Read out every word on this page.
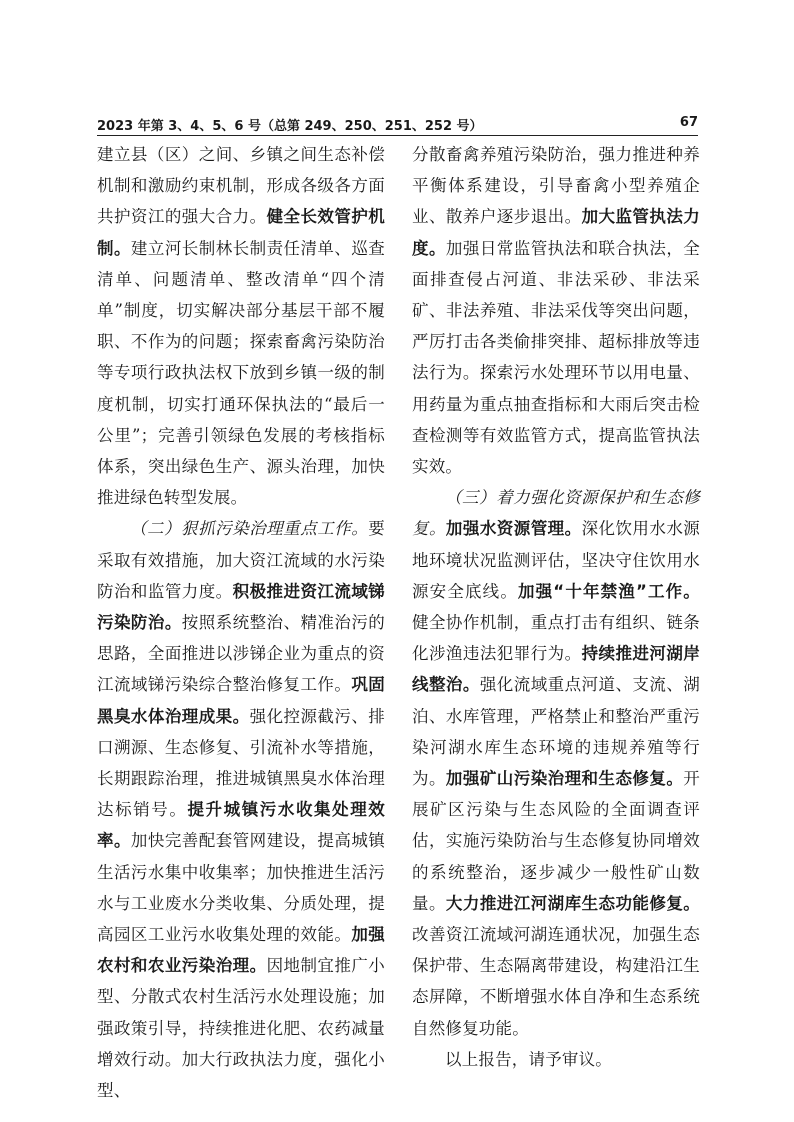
2023 年第 3、4、5、6 号（总第 249、250、251、252 号）	67

建立县（区）之间、乡镇之间生态补偿机制和激励约束机制，形成各级各方面共护资江的强大合力。健全长效管护机制。建立河长制林长制责任清单、巡查清单、问题清单、整改清单“四个清单”制度，切实解决部分基层干部不履职、不作为的问题；探索畜禽污染防治等专项行政执法权下放到乡镇一级的制度机制，切实打通环保执法的“最后一公里”；完善引领绿色发展的考核指标体系，突出绿色生产、源头治理，加快推进绿色转型发展。

（二）狠抓污染治理重点工作。要采取有效措施，加大资江流域的水污染防治和监管力度。积极推进资江流域锑污染防治。按照系统整治、精准治污的思路，全面推进以涉锑企业为重点的资江流域锑污染综合整治修复工作。巩固黑臭水体治理成果。强化控源截污、排口溯源、生态修复、引流补水等措施，长期跟踪治理，推进城镇黑臭水体治理达标销号。提升城镇污水收集处理效率。加快完善配套管网建设，提高城镇生活污水集中收集率；加快推进生活污水与工业废水分类收集、分质处理，提高园区工业污水收集处理的效能。加强农村和农业污染治理。因地制宜推广小型、分散式农村生活污水处理设施；加强政策引导，持续推进化肥、农药减量增效行动。加大行政执法力度，强化小型、

分散畜禽养殖污染防治，强力推进种养平衡体系建设，引导畜禽小型养殖企业、散养户逐步退出。加大监管执法力度。加强日常监管执法和联合执法，全面排查侵占河道、非法采砂、非法采矿、非法养殖、非法采伐等突出问题，严厉打击各类偷排突排、超标排放等违法行为。探索污水处理环节以用电量、用药量为重点抽查指标和大雨后突击检查检测等有效监管方式，提高监管执法实效。

（三）着力强化资源保护和生态修复。加强水资源管理。深化饮用水水源地环境状况监测评估，坚决守住饮用水源安全底线。加强“十年禁渔”工作。健全协作机制，重点打击有组织、链条化涉渔违法犯罪行为。持续推进河湖岸线整治。强化流域重点河道、支流、湖泊、水库管理，严格禁止和整治严重污染河湖水库生态环境的违规养殖等行为。加强矿山污染治理和生态修复。开展矿区污染与生态风险的全面调查评估，实施污染防治与生态修复协同增效的系统整治，逐步减少一般性矿山数量。大力推进江河湖库生态功能修复。改善资江流域河湖连通状况，加强生态保护带、生态隔离带建设，构建沿江生态屏障，不断增强水体自净和生态系统自然修复功能。

以上报告，请予审议。
